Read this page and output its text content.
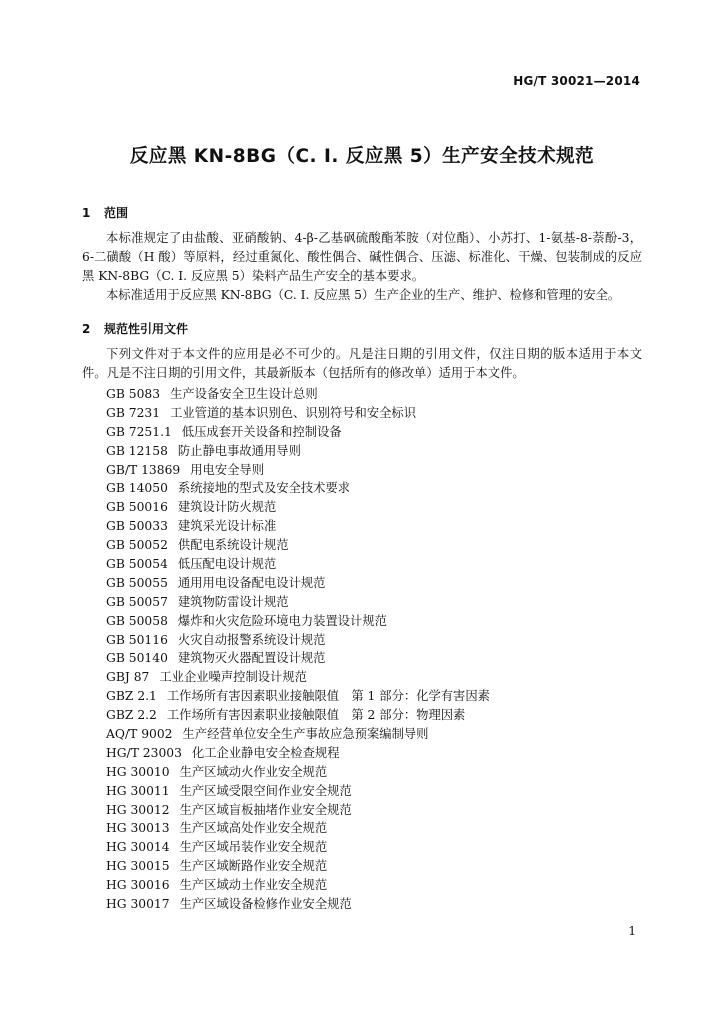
HG/T 30021—2014
反应黑 KN-8BG（C. I. 反应黑 5）生产安全技术规范
1 范围

本标准规定了由盐酸、亚硝酸钠、4-β-乙基砜硫酸酯苯胺（对位酯）、小苏打、1-氨基-8-萘酚-3，6-二磺酸（H 酸）等原料，经过重氮化、酸性偶合、碱性偶合、压滤、标准化、干燥、包装制成的反应黑 KN-8BG（C. I. 反应黑 5）染料产品生产安全的基本要求。

本标准适用于反应黑 KN-8BG（C. I. 反应黑 5）生产企业的生产、维护、检修和管理的安全。

2 规范性引用文件

下列文件对于本文件的应用是必不可少的。凡是注日期的引用文件，仅注日期的版本适用于本文件。凡是不注日期的引用文件，其最新版本（包括所有的修改单）适用于本文件。

GB 5083 生产设备安全卫生设计总则
GB 7231 工业管道的基本识别色、识别符号和安全标识
GB 7251.1 低压成套开关设备和控制设备
GB 12158 防止静电事故通用导则
GB/T 13869 用电安全导则
GB 14050 系统接地的型式及安全技术要求
GB 50016 建筑设计防火规范
GB 50033 建筑采光设计标准
GB 50052 供配电系统设计规范
GB 50054 低压配电设计规范
GB 50055 通用用电设备配电设计规范
GB 50057 建筑物防雷设计规范
GB 50058 爆炸和火灾危险环境电力装置设计规范
GB 50116 火灾自动报警系统设计规范
GB 50140 建筑物灭火器配置设计规范
GBJ 87 工业企业噪声控制设计规范
GBZ 2.1 工作场所有害因素职业接触限值　第 1 部分：化学有害因素
GBZ 2.2 工作场所有害因素职业接触限值　第 2 部分：物理因素
AQ/T 9002 生产经营单位安全生产事故应急预案编制导则
HG/T 23003 化工企业静电安全检查规程
HG 30010 生产区域动火作业安全规范
HG 30011 生产区域受限空间作业安全规范
HG 30012 生产区域盲板抽堵作业安全规范
HG 30013 生产区域高处作业安全规范
HG 30014 生产区域吊装作业安全规范
HG 30015 生产区域断路作业安全规范
HG 30016 生产区域动土作业安全规范
HG 30017 生产区域设备检修作业安全规范
1
